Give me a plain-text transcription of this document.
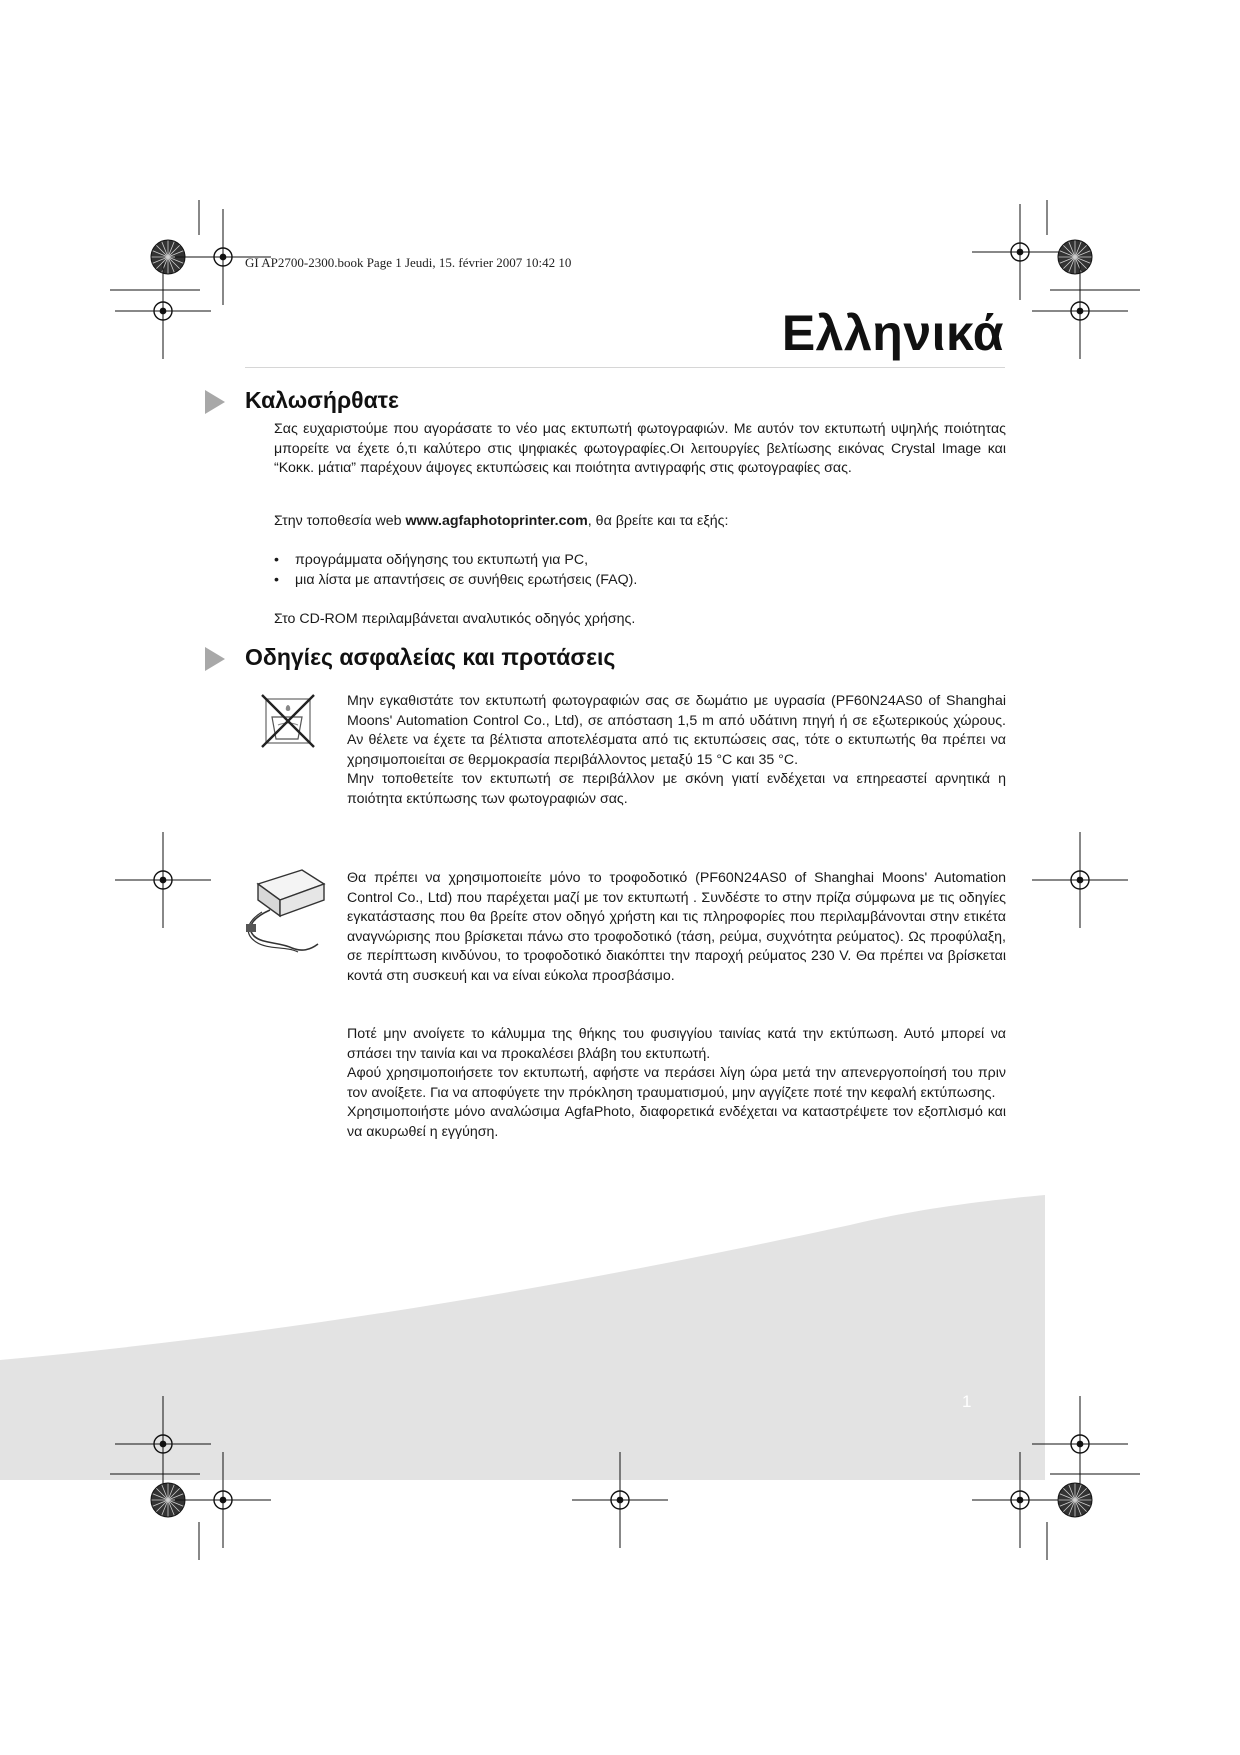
GI AP2700-2300.book Page 1 Jeudi, 15. février 2007 10:42 10
Ελληνικά
Καλωσήρθατε

Σας ευχαριστούμε που αγοράσατε το νέο μας εκτυπωτή φωτογραφιών. Με αυτόν τον εκτυπωτή υψηλής ποιότητας μπορείτε να έχετε ό,τι καλύτερο στις ψηφιακές φωτογραφίες.Οι λειτουργίες βελτίωσης εικόνας Crystal Image και “Κοκκ. μάτια” παρέχουν άψογες εκτυπώσεις και ποιότητα αντιγραφής στις φωτογραφίες σας.

Στην τοποθεσία web www.agfaphotoprinter.com, θα βρείτε και τα εξής:

• προγράμματα οδήγησης του εκτυπωτή για PC,
• μια λίστα με απαντήσεις σε συνήθεις ερωτήσεις (FAQ).

Στο CD-ROM περιλαμβάνεται αναλυτικός οδηγός χρήσης.

Οδηγίες ασφαλείας και προτάσεις

Μην εγκαθιστάτε τον εκτυπωτή φωτογραφιών σας σε δωμάτιο με υγρασία (PF60N24AS0 of Shanghai Moons' Automation Control Co., Ltd), σε απόσταση 1,5 m από υδάτινη πηγή ή σε εξωτερικούς χώρους. Αν θέλετε να έχετε τα βέλτιστα αποτελέσματα από τις εκτυπώσεις σας, τότε ο εκτυπωτής θα πρέπει να χρησιμοποιείται σε θερμοκρασία περιβάλλοντος μεταξύ 15 °C και 35 °C.

Μην τοποθετείτε τον εκτυπωτή σε περιβάλλον με σκόνη γιατί ενδέχεται να επηρεαστεί αρνητικά η ποιότητα εκτύπωσης των φωτογραφιών σας.

Θα πρέπει να χρησιμοποιείτε μόνο το τροφοδοτικό (PF60N24AS0 of Shanghai Moons' Automation Control Co., Ltd) που παρέχεται μαζί με τον εκτυπωτή . Συνδέστε το στην πρίζα σύμφωνα με τις οδηγίες εγκατάστασης που θα βρείτε στον οδηγό χρήστη και τις πληροφορίες που περιλαμβάνονται στην ετικέτα αναγνώρισης που βρίσκεται πάνω στο τροφοδοτικό (τάση, ρεύμα, συχνότητα ρεύματος). Ως προφύλαξη, σε περίπτωση κινδύνου, το τροφοδοτικό διακόπτει την παροχή ρεύματος 230 V. Θα πρέπει να βρίσκεται κοντά στη συσκευή και να είναι εύκολα προσβάσιμο.

Ποτέ μην ανοίγετε το κάλυμμα της θήκης του φυσιγγίου ταινίας κατά την εκτύπωση. Αυτό μπορεί να σπάσει την ταινία και να προκαλέσει βλάβη του εκτυπωτή.

Αφού χρησιμοποιήσετε τον εκτυπωτή, αφήστε να περάσει λίγη ώρα μετά την απενεργοποίησή του πριν τον ανοίξετε. Για να αποφύγετε την πρόκληση τραυματισμού, μην αγγίζετε ποτέ την κεφαλή εκτύπωσης.

Χρησιμοποιήστε μόνο αναλώσιμα AgfaPhoto, διαφορετικά ενδέχεται να καταστρέψετε τον εξοπλισμό και να ακυρωθεί η εγγύηση.

1
